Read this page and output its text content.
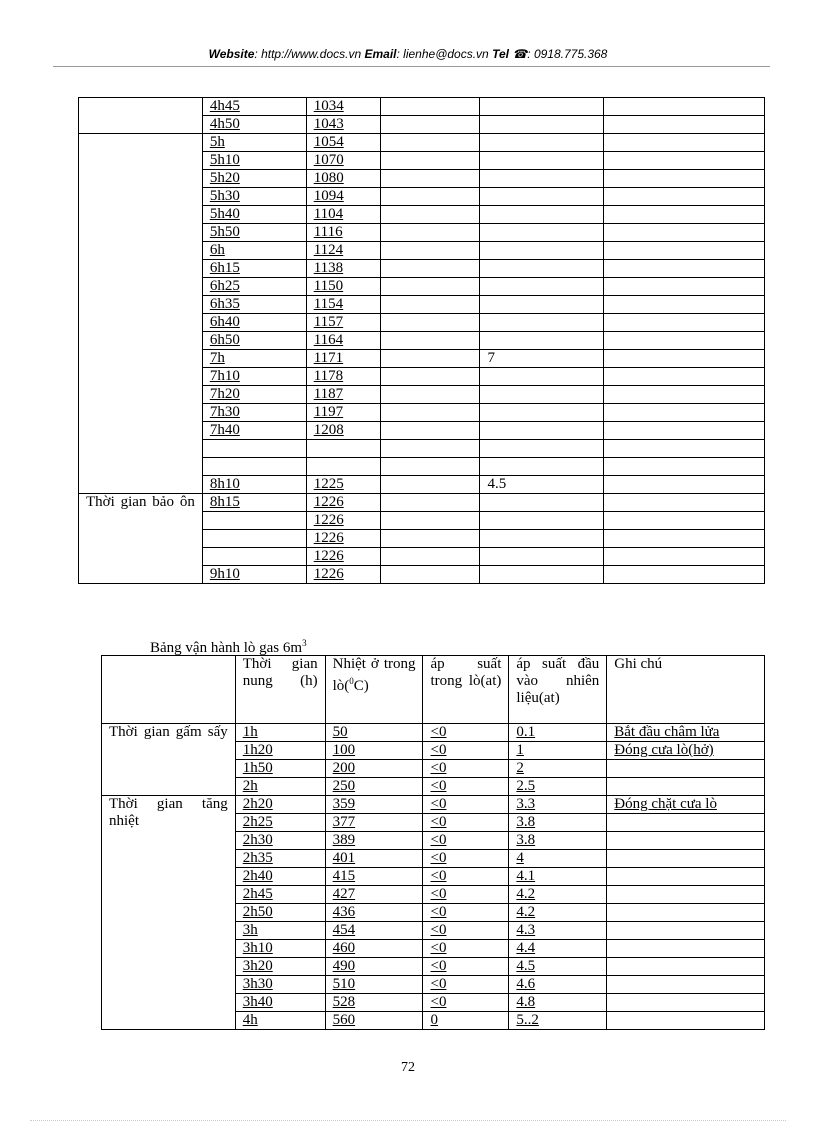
Website: http://www.docs.vn Email: lienhe@docs.vn Tel ☎: 0918.775.368
	4h45	1034			
	4h50	1043			
	5h	1054			
	5h10	1070			
	5h20	1080			
	5h30	1094			
	5h40	1104			
	5h50	1116			
	6h	1124			
	6h15	1138			
	6h25	1150			
	6h35	1154			
	6h40	1157			
	6h50	1164			
	7h	1171		7	
	7h10	1178			
	7h20	1187			
	7h30	1197			
	7h40	1208			

	8h10	1225		4.5	
Thời gian bảo ôn	8h15	1226			
		1226			
		1226			
		1226			
	9h10	1226			
Bảng vận hành lò gas $6m^3$
	Thời gian nung (h)	Nhiệt ở trong lò($^0$C)	áp suất trong lò(at)	áp suất đầu vào nhiên liệu(at)	Ghi chú
Thời gian gấm sấy	1h	50	<0	0.1	Bắt đầu châm lửa
	1h20	100	<0	1	Đóng cưa lò(hở)
	1h50	200	<0	2	
	2h	250	<0	2.5	
Thời gian tăng nhiệt	2h20	359	<0	3.3	Đóng chặt cưa lò
	2h25	377	<0	3.8	
	2h30	389	<0	3.8	
	2h35	401	<0	4	
	2h40	415	<0	4.1	
	2h45	427	<0	4.2	
	2h50	436	<0	4.2	
	3h	454	<0	4.3	
	3h10	460	<0	4.4	
	3h20	490	<0	4.5	
	3h30	510	<0	4.6	
	3h40	528	<0	4.8	
	4h	560	0	5..2	
72
